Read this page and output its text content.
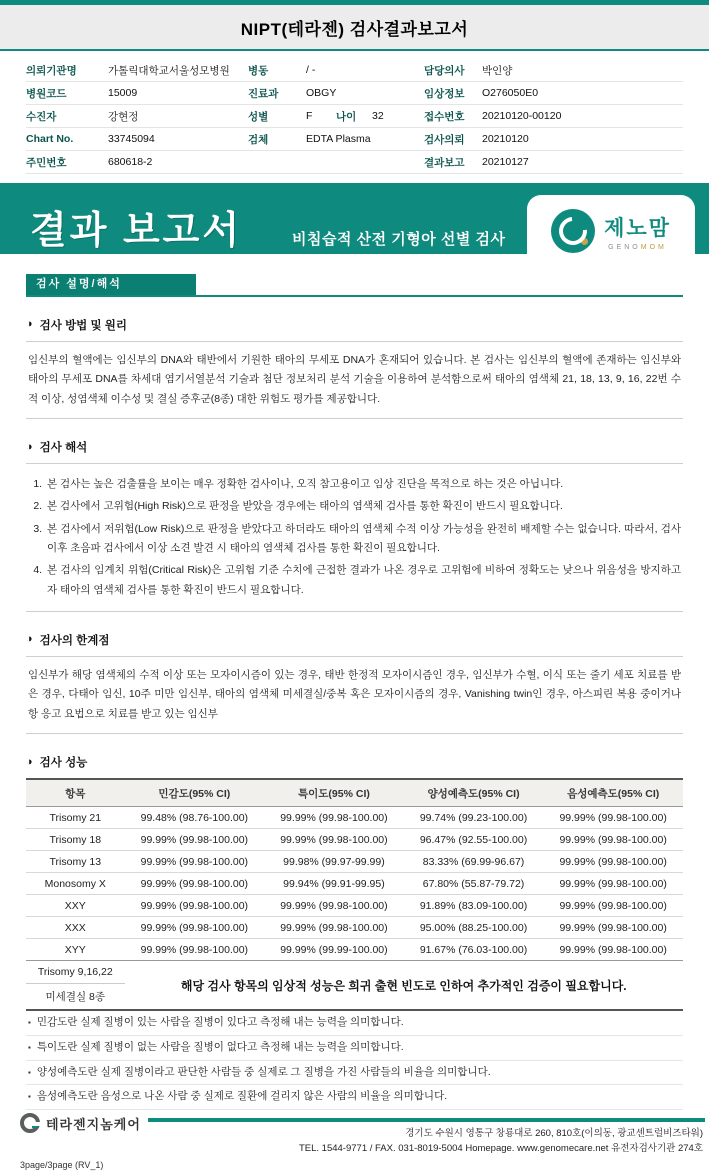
NIPT(테라젠) 검사결과보고서
의뢰기관명	가톨릭대학교서울성모병원	병동	/ -	담당의사	박인양
병원코드	15009	진료과	OBGY	임상정보	O276050E0
수진자	강현정	성별	F	나이	32	접수번호	20210120-00120
Chart No.	33745094	검체	EDTA Plasma	검사의뢰	20210120
주민번호	680618-2	결과보고	20210127
결과 보고서	비침습적 산전 기형아 선별 검사	제노맘
GENOMOM
검사 설명/해석
◑ 검사 방법 및 원리
임신부의 혈액에는 임신부의 DNA와 태반에서 기원한 태아의 무세포 DNA가 혼재되어 있습니다. 본 검사는 임신부의 혈액에 존재하는 임신부와 태아의 무세포 DNA를 차세대 염기서열분석 기술과 첨단 정보처리 분석 기술을 이용하여 분석함으로써 태아의 염색체 21, 18, 13, 9, 16, 22번 수적 이상, 성염색체 이수성 및 결실 증후군(8종) 대한 위험도 평가를 제공합니다.
◑ 검사 해석
1. 본 검사는 높은 검출률을 보이는 매우 정확한 검사이나, 오직 참고용이고 임상 진단을 목적으로 하는 것은 아닙니다.
2. 본 검사에서 고위험(High Risk)으로 판정을 받았을 경우에는 태아의 염색체 검사를 통한 확진이 반드시 필요합니다.
3. 본 검사에서 저위험(Low Risk)으로 판정을 받았다고 하더라도 태아의 염색체 수적 이상 가능성을 완전히 배제할 수는 없습니다. 따라서, 검사 이후 초음파 검사에서 이상 소견 발견 시 태아의 염색체 검사를 통한 확진이 필요합니다.
4. 본 검사의 임계치 위험(Critical Risk)은 고위험 기준 수치에 근접한 결과가 나온 경우로 고위험에 비하여 정확도는 낮으나 위음성을 방지하고자 태아의 염색체 검사를 통한 확진이 반드시 필요합니다.
◑ 검사의 한계점
임신부가 해당 염색체의 수적 이상 또는 모자이시즘이 있는 경우, 태반 한정적 모자이시즘인 경우, 임신부가 수혈, 이식 또는 줄기 세포 치료를 받은 경우, 다태아 임신, 10주 미만 임신부, 태아의 염색체 미세결실/중복 혹은 모자이시즘의 경우, Vanishing twin인 경우, 아스피린 복용 중이거나 항 응고 요법으로 치료를 받고 있는 임신부
◑ 검사 성능
항목	민감도(95% CI)	특이도(95% CI)	양성예측도(95% CI)	음성예측도(95% CI)
Trisomy 21	99.48% (98.76-100.00)	99.99% (99.98-100.00)	99.74% (99.23-100.00)	99.99% (99.98-100.00)
Trisomy 18	99.99% (99.98-100.00)	99.99% (99.98-100.00)	96.47% (92.55-100.00)	99.99% (99.98-100.00)
Trisomy 13	99.99% (99.98-100.00)	99.98% (99.97-99.99)	83.33% (69.99-96.67)	99.99% (99.98-100.00)
Monosomy X	99.99% (99.98-100.00)	99.94% (99.91-99.95)	67.80% (55.87-79.72)	99.99% (99.98-100.00)
XXY	99.99% (99.98-100.00)	99.99% (99.98-100.00)	91.89% (83.09-100.00)	99.99% (99.98-100.00)
XXX	99.99% (99.98-100.00)	99.99% (99.98-100.00)	95.00% (88.25-100.00)	99.99% (99.98-100.00)
XYY	99.99% (99.98-100.00)	99.99% (99.99-100.00)	91.67% (76.03-100.00)	99.99% (99.98-100.00)
Trisomy 9,16,22	해당 검사 항목의 임상적 성능은 희귀 출현 빈도로 인하여 추가적인 검증이 필요합니다.			
미세결실 8종				
▪ 민감도란 실제 질병이 있는 사람을 질병이 있다고 측정해 내는 능력을 의미합니다.
▪ 특이도란 실제 질병이 없는 사람을 질병이 없다고 측정해 내는 능력을 의미합니다.
▪ 양성예측도란 실제 질병이라고 판단한 사람들 중 실제로 그 질병을 가진 사람들의 비율을 의미합니다.
▪ 음성예측도란 음성으로 나온 사람 중 실제로 질환에 걸리지 않은 사람의 비율을 의미합니다.
테라젠지놈케어
경기도 수원시 영통구 창룡대로 260, 810호(이의동, 광교센트럴비즈타워)
TEL. 1544-9771 / FAX. 031-8019-5004 Homepage. www.genomecare.net 유전자검사기관 274호
3page/3page (RV_1)
